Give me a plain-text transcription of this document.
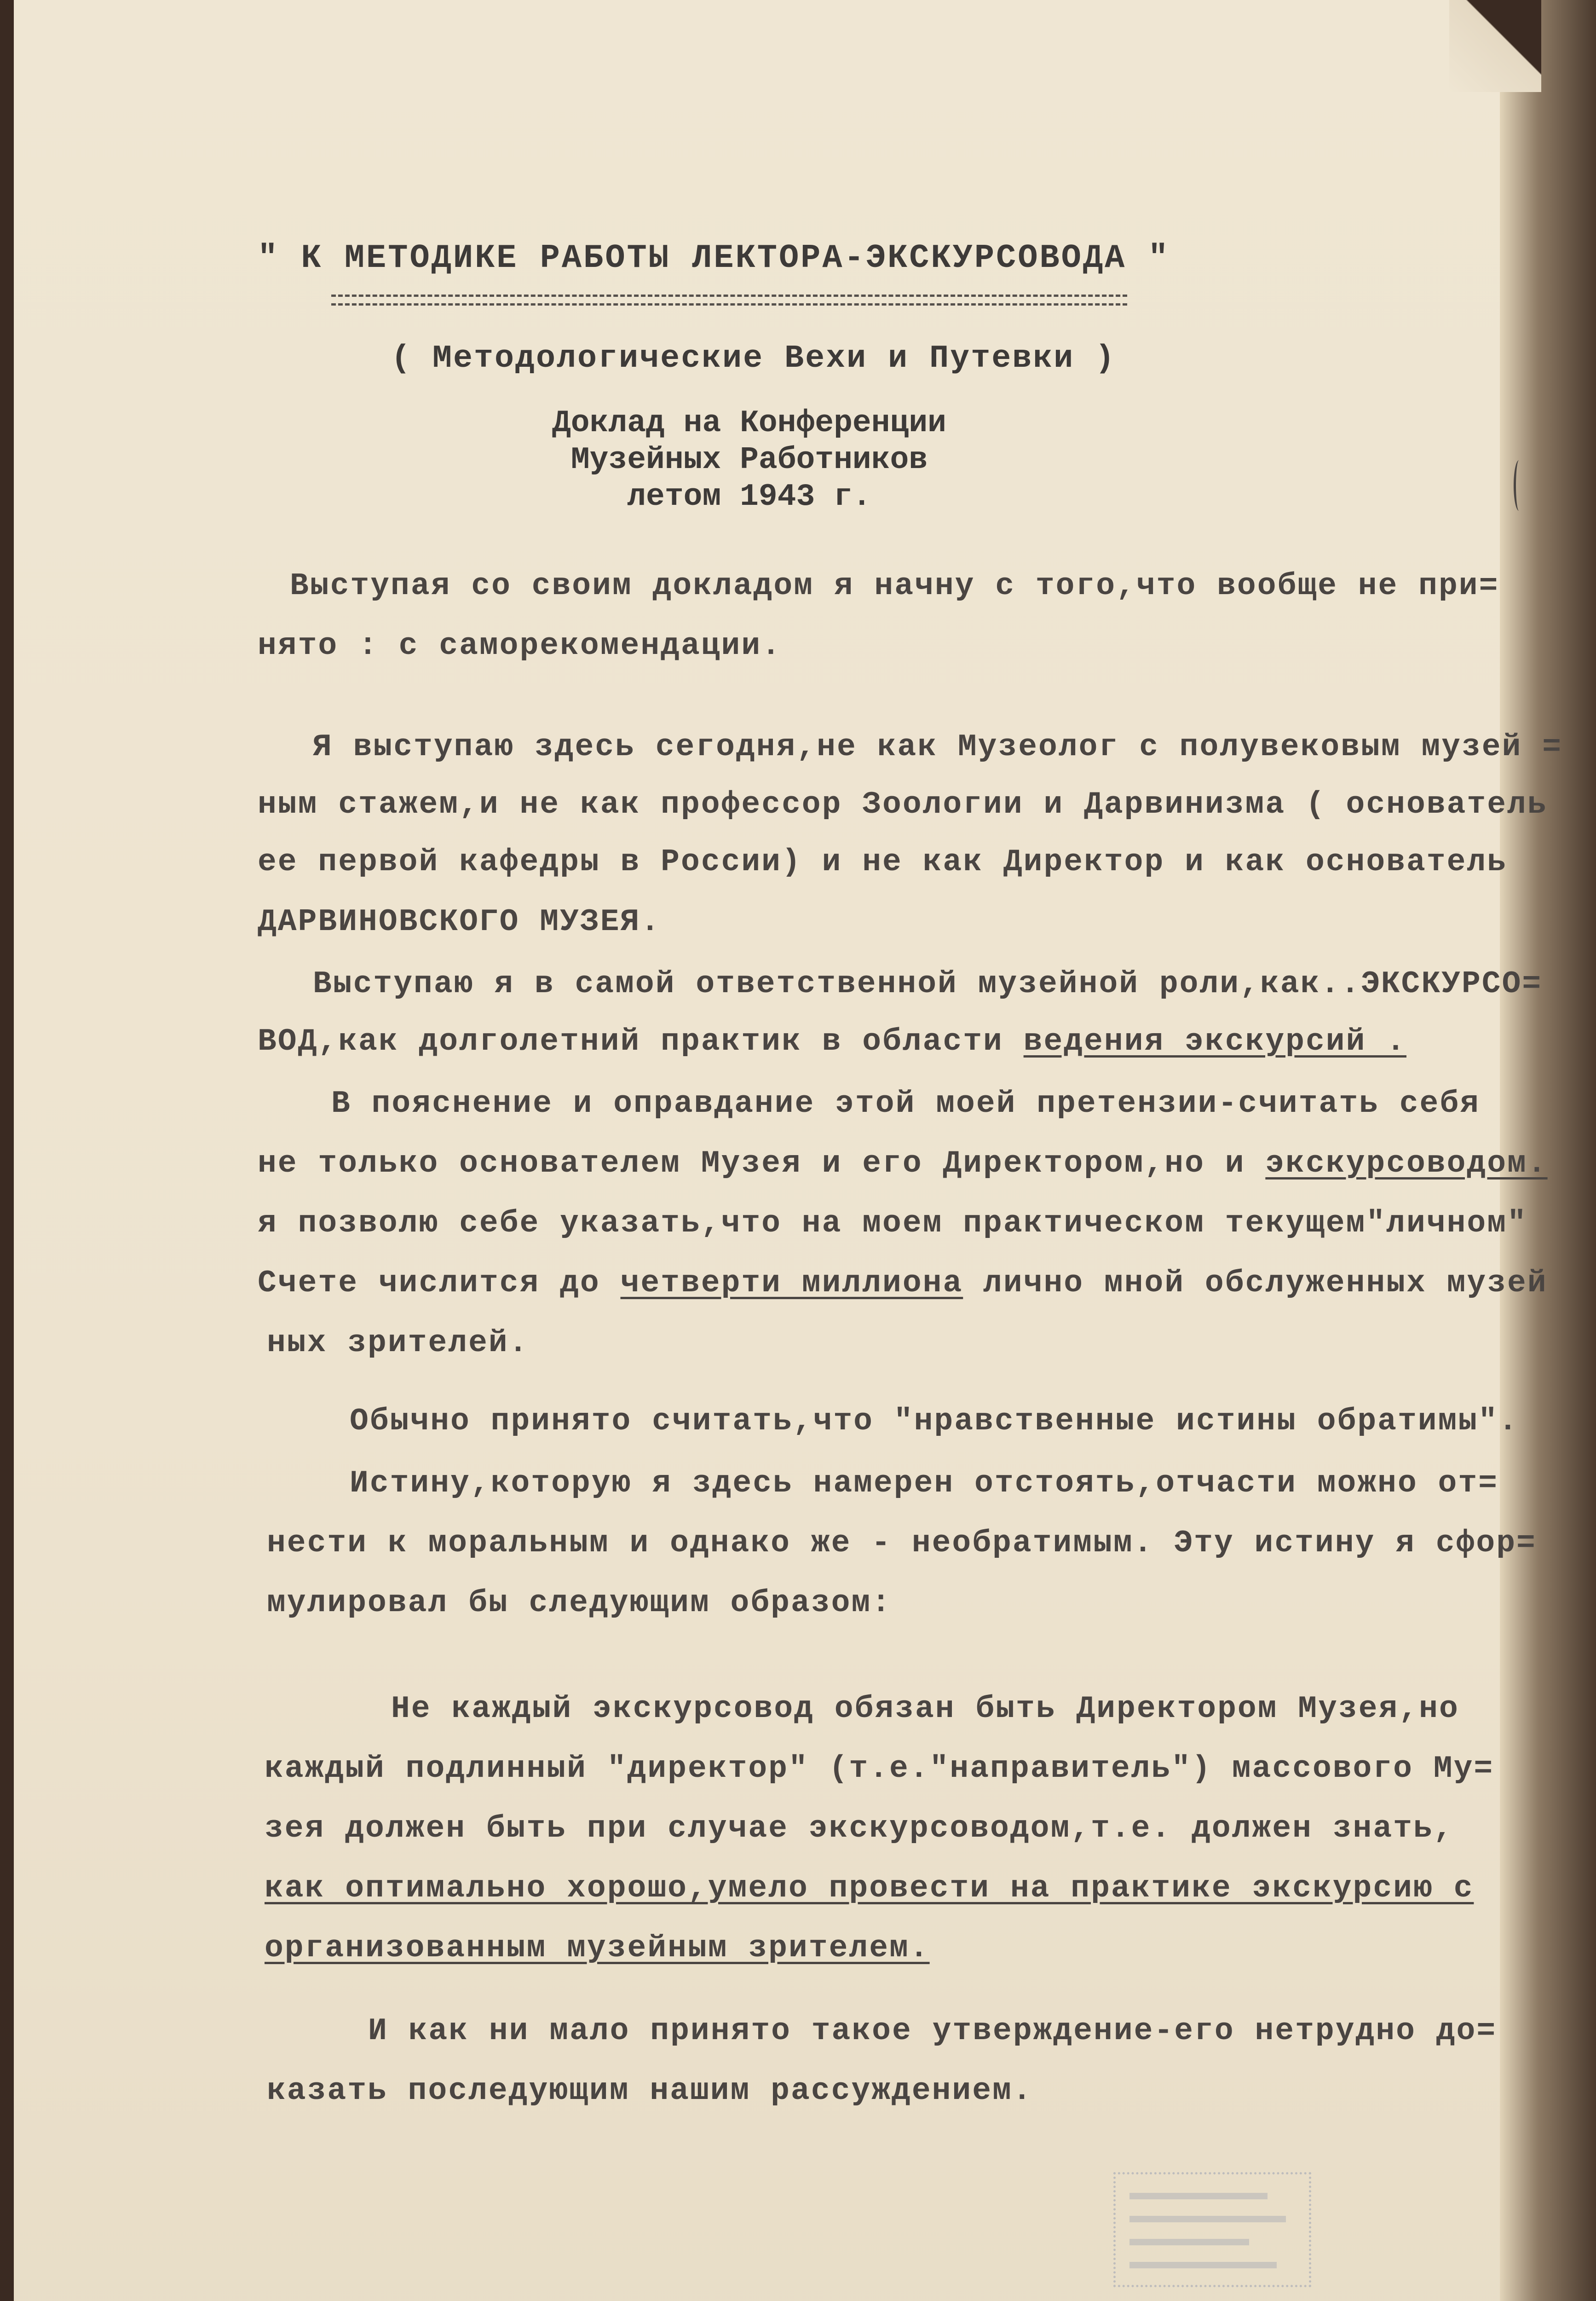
" К МЕТОДИКЕ РАБОТЫ ЛЕКТОРА-ЭКСКУРСОВОДА "
( Методологические Вехи и Путевки )
Доклад на Конференции
Музейных Работников
летом 1943 г.
Выступая со своим докладом я начну с того,что вообще не при=
нято : с саморекомендации.
Я выступаю здесь сегодня,не как Музеолог с полувековым музей =
ным стажем,и не как профессор Зоологии и Дарвинизма ( основатель
ее первой кафедры в России) и не как Директор и как основатель
ДАРВИНОВСКОГО МУЗЕЯ.
Выступаю я в самой ответственной музейной роли,как..ЭКСКУРСО=
ВОД,как долголетний практик в области ведения экскурсий .
В пояснение и оправдание этой моей претензии-считать себя
не только основателем Музея и его Директором,но и экскурсоводом.
я позволю себе указать,что на моем практическом текущем"личном"
Счете числится до четверти миллиона лично мной обслуженных музей
ных зрителей.
Обычно принято считать,что "нравственные истины обратимы".
Истину,которую я здесь намерен отстоять,отчасти можно от=
нести к моральным и однако же - необратимым. Эту истину я сфор=
мулировал бы следующим образом:
Не каждый экскурсовод обязан быть Директором Музея,но
каждый подлинный "директор" (т.е."направитель") массового Му=
зея должен быть при случае экскурсоводом,т.е. должен знать,
как оптимально хорошо,умело провести на практике экскурсию с
организованным музейным зрителем.
И как ни мало принято такое утверждение-его нетрудно до=
казать последующим нашим рассуждением.
